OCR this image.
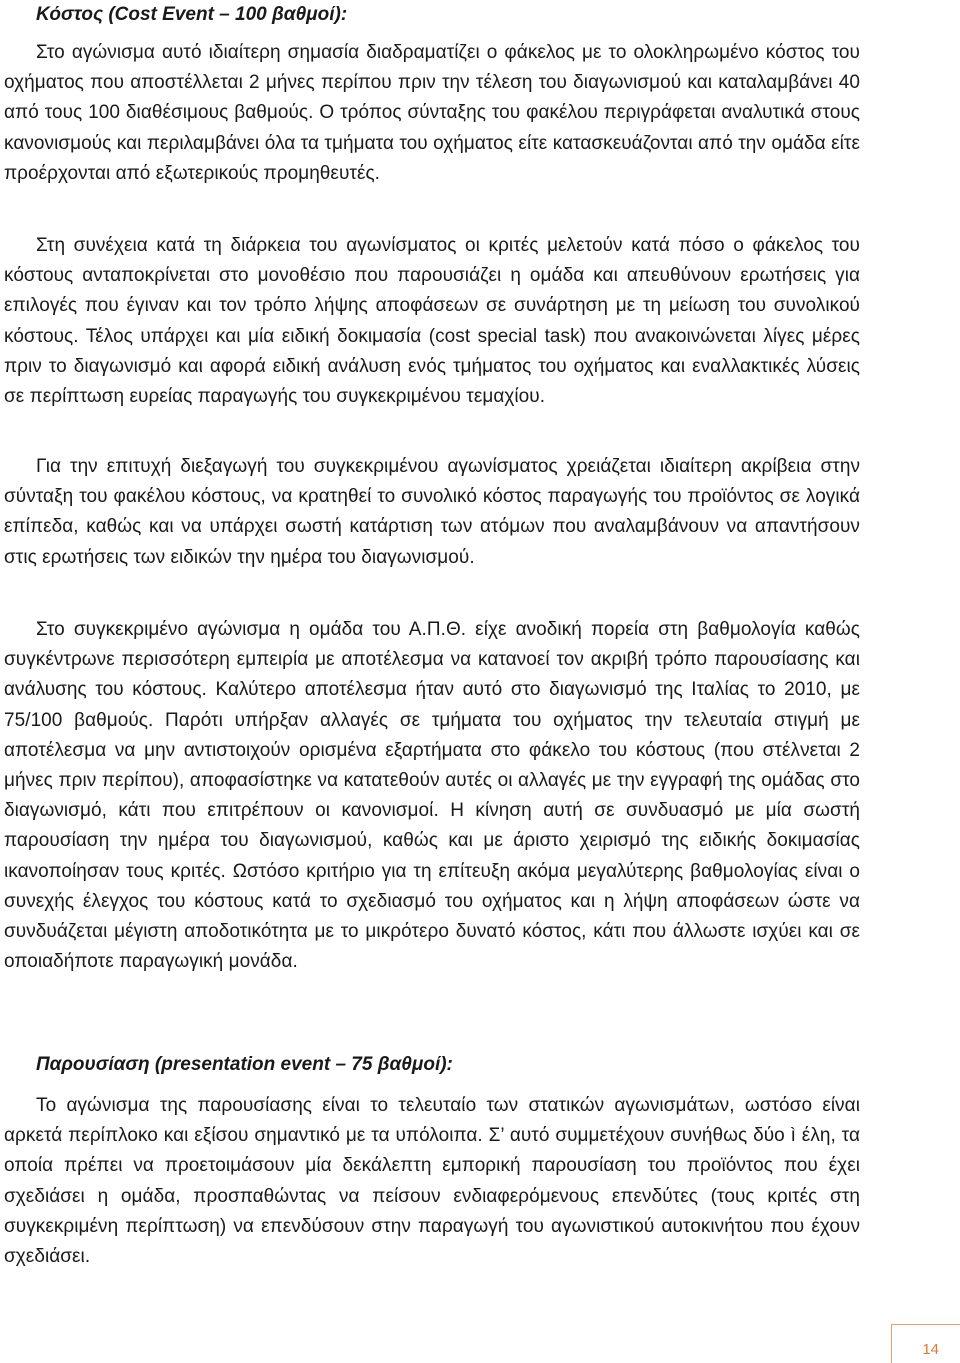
Κόστος (Cost Event – 100 βαθμοί):

Στο αγώνισμα αυτό ιδιαίτερη σημασία διαδραματίζει ο φάκελος με το ολοκληρωμένο κόστος του οχήματος που αποστέλλεται 2 μήνες περίπου πριν την τέλεση του διαγωνισμού και καταλαμβάνει 40 από τους 100 διαθέσιμους βαθμούς. Ο τρόπος σύνταξης του φακέλου περιγράφεται αναλυτικά στους κανονισμούς και περιλαμβάνει όλα τα τμήματα του οχήματος είτε κατασκευάζονται από την ομάδα είτε προέρχονται από εξωτερικούς προμηθευτές.

Στη συνέχεια κατά τη διάρκεια του αγωνίσματος οι κριτές μελετούν κατά πόσο ο φάκελος του κόστους ανταποκρίνεται στο μονοθέσιο που παρουσιάζει η ομάδα και απευθύνουν ερωτήσεις για επιλογές που έγιναν και τον τρόπο λήψης αποφάσεων σε συνάρτηση με τη μείωση του συνολικού κόστους. Τέλος υπάρχει και μία ειδική δοκιμασία (cost special task) που ανακοινώνεται λίγες μέρες πριν το διαγωνισμό και αφορά ειδική ανάλυση ενός τμήματος του οχήματος και εναλλακτικές λύσεις σε περίπτωση ευρείας παραγωγής του συγκεκριμένου τεμαχίου.

Για την επιτυχή διεξαγωγή του συγκεκριμένου αγωνίσματος χρειάζεται ιδιαίτερη ακρίβεια στην σύνταξη του φακέλου κόστους, να κρατηθεί το συνολικό κόστος παραγωγής του προϊόντος σε λογικά επίπεδα, καθώς και να υπάρχει σωστή κατάρτιση των ατόμων που αναλαμβάνουν να απαντήσουν στις ερωτήσεις των ειδικών την ημέρα του διαγωνισμού.

Στο συγκεκριμένο αγώνισμα η ομάδα του Α.Π.Θ. είχε ανοδική πορεία στη βαθμολογία καθώς συγκέντρωνε περισσότερη εμπειρία με αποτέλεσμα να κατανοεί τον ακριβή τρόπο παρουσίασης και ανάλυσης του κόστους. Καλύτερο αποτέλεσμα ήταν αυτό στο διαγωνισμό της Ιταλίας το 2010, με 75/100 βαθμούς. Παρότι υπήρξαν αλλαγές σε τμήματα του οχήματος την τελευταία στιγμή με αποτέλεσμα να μην αντιστοιχούν ορισμένα εξαρτήματα στο φάκελο του κόστους (που στέλνεται 2 μήνες πριν περίπου), αποφασίστηκε να κατατεθούν αυτές οι αλλαγές με την εγγραφή της ομάδας στο διαγωνισμό, κάτι που επιτρέπουν οι κανονισμοί. Η κίνηση αυτή σε συνδυασμό με μία σωστή παρουσίαση την ημέρα του διαγωνισμού, καθώς και με άριστο χειρισμό της ειδικής δοκιμασίας ικανοποίησαν τους κριτές. Ωστόσο κριτήριο για τη επίτευξη ακόμα μεγαλύτερης βαθμολογίας είναι ο συνεχής έλεγχος του κόστους κατά το σχεδιασμό του οχήματος και η λήψη αποφάσεων ώστε να συνδυάζεται μέγιστη αποδοτικότητα με το μικρότερο δυνατό κόστος, κάτι που άλλωστε ισχύει και σε οποιαδήποτε παραγωγική μονάδα.

Παρουσίαση (presentation event – 75 βαθμοί):

Το αγώνισμα της παρουσίασης είναι το τελευταίο των στατικών αγωνισμάτων, ωστόσο είναι αρκετά περίπλοκο και εξίσου σημαντικό με τα υπόλοιπα. Σ’ αυτό συμμετέχουν συνήθως δύο ì έλη, τα οποία πρέπει να προετοιμάσουν μία δεκάλεπτη εμπορική παρουσίαση του προϊόντος που έχει σχεδιάσει η ομάδα, προσπαθώντας να πείσουν ενδιαφερόμενους επενδύτες (τους κριτές στη συγκεκριμένη περίπτωση) να επενδύσουν στην παραγωγή του αγωνιστικού αυτοκινήτου που έχουν σχεδιάσει.

14
